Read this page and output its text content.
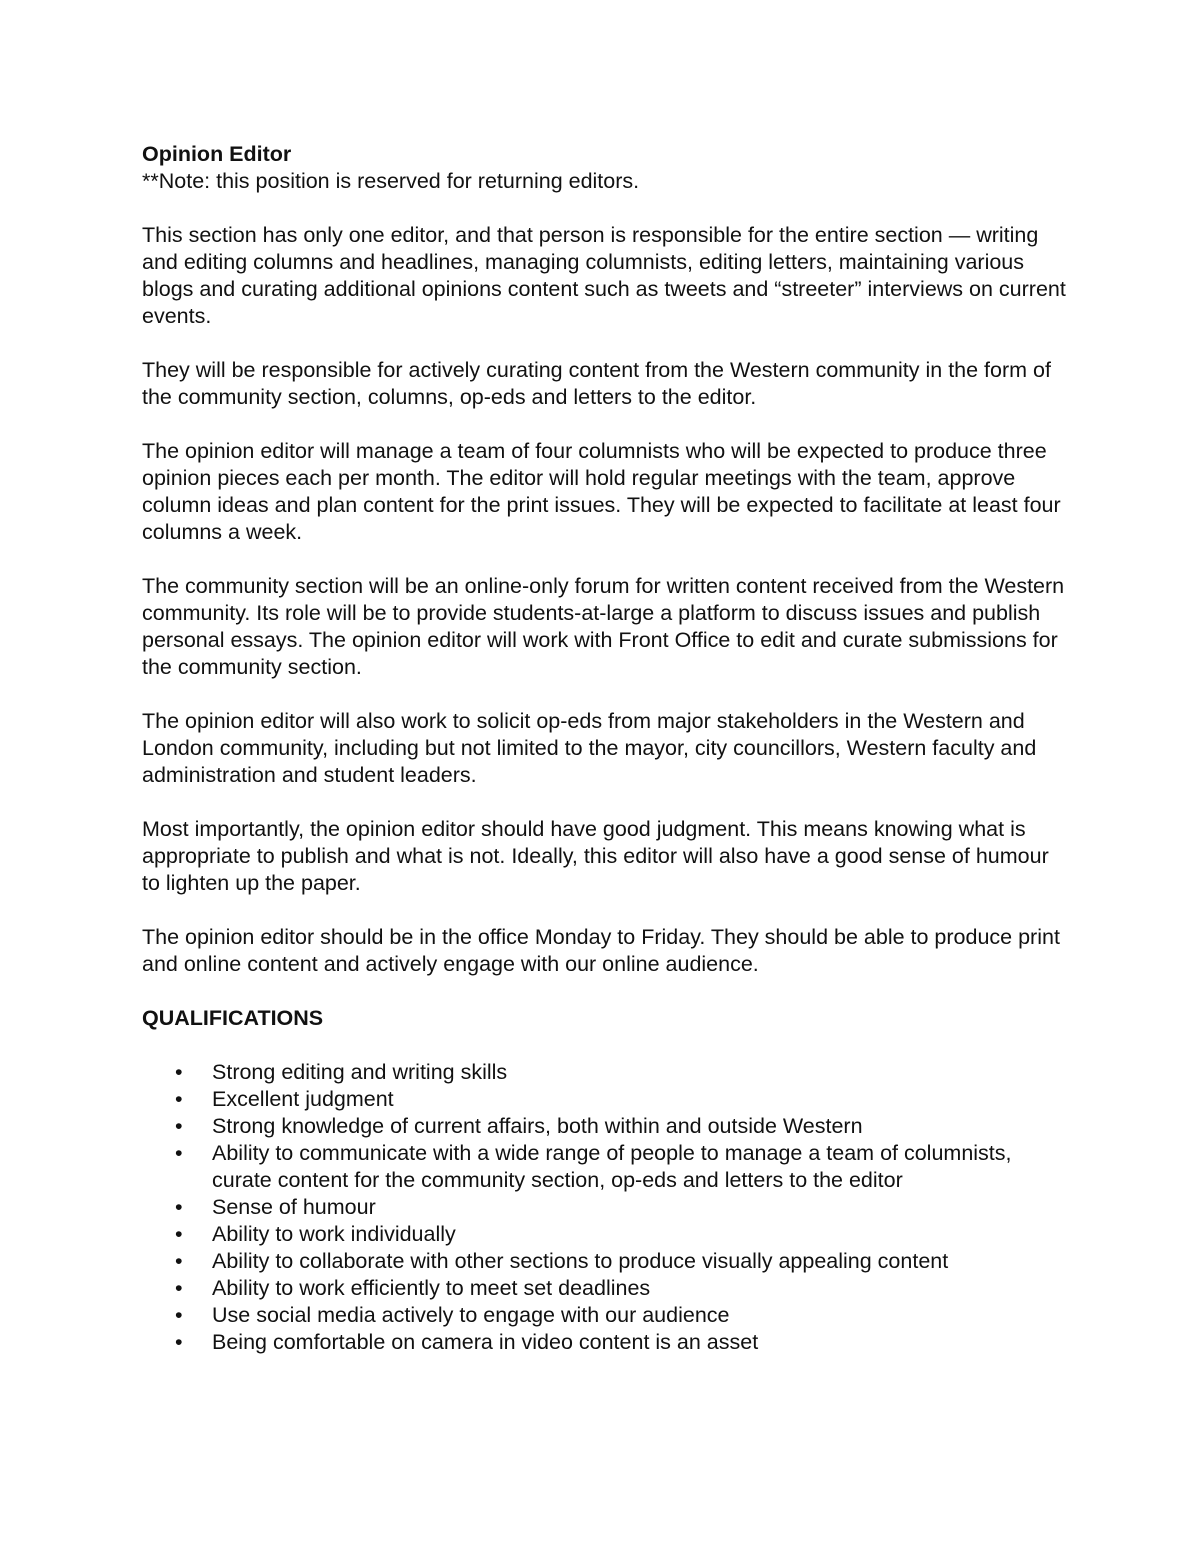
Opinion Editor
**Note: this position is reserved for returning editors.

This section has only one editor, and that person is responsible for the entire section — writing and editing columns and headlines, managing columnists, editing letters, maintaining various blogs and curating additional opinions content such as tweets and “streeter” interviews on current events.

They will be responsible for actively curating content from the Western community in the form of the community section, columns, op-eds and letters to the editor.

The opinion editor will manage a team of four columnists who will be expected to produce three opinion pieces each per month. The editor will hold regular meetings with the team, approve column ideas and plan content for the print issues. They will be expected to facilitate at least four columns a week.

The community section will be an online-only forum for written content received from the Western community. Its role will be to provide students-at-large a platform to discuss issues and publish personal essays. The opinion editor will work with Front Office to edit and curate submissions for the community section.

The opinion editor will also work to solicit op-eds from major stakeholders in the Western and London community, including but not limited to the mayor, city councillors, Western faculty and administration and student leaders.

Most importantly, the opinion editor should have good judgment. This means knowing what is appropriate to publish and what is not. Ideally, this editor will also have a good sense of humour to lighten up the paper.

The opinion editor should be in the office Monday to Friday. They should be able to produce print and online content and actively engage with our online audience.

QUALIFICATIONS
• Strong editing and writing skills
• Excellent judgment
• Strong knowledge of current affairs, both within and outside Western
• Ability to communicate with a wide range of people to manage a team of columnists, curate content for the community section, op-eds and letters to the editor
• Sense of humour
• Ability to work individually
• Ability to collaborate with other sections to produce visually appealing content
• Ability to work efficiently to meet set deadlines
• Use social media actively to engage with our audience
• Being comfortable on camera in video content is an asset
